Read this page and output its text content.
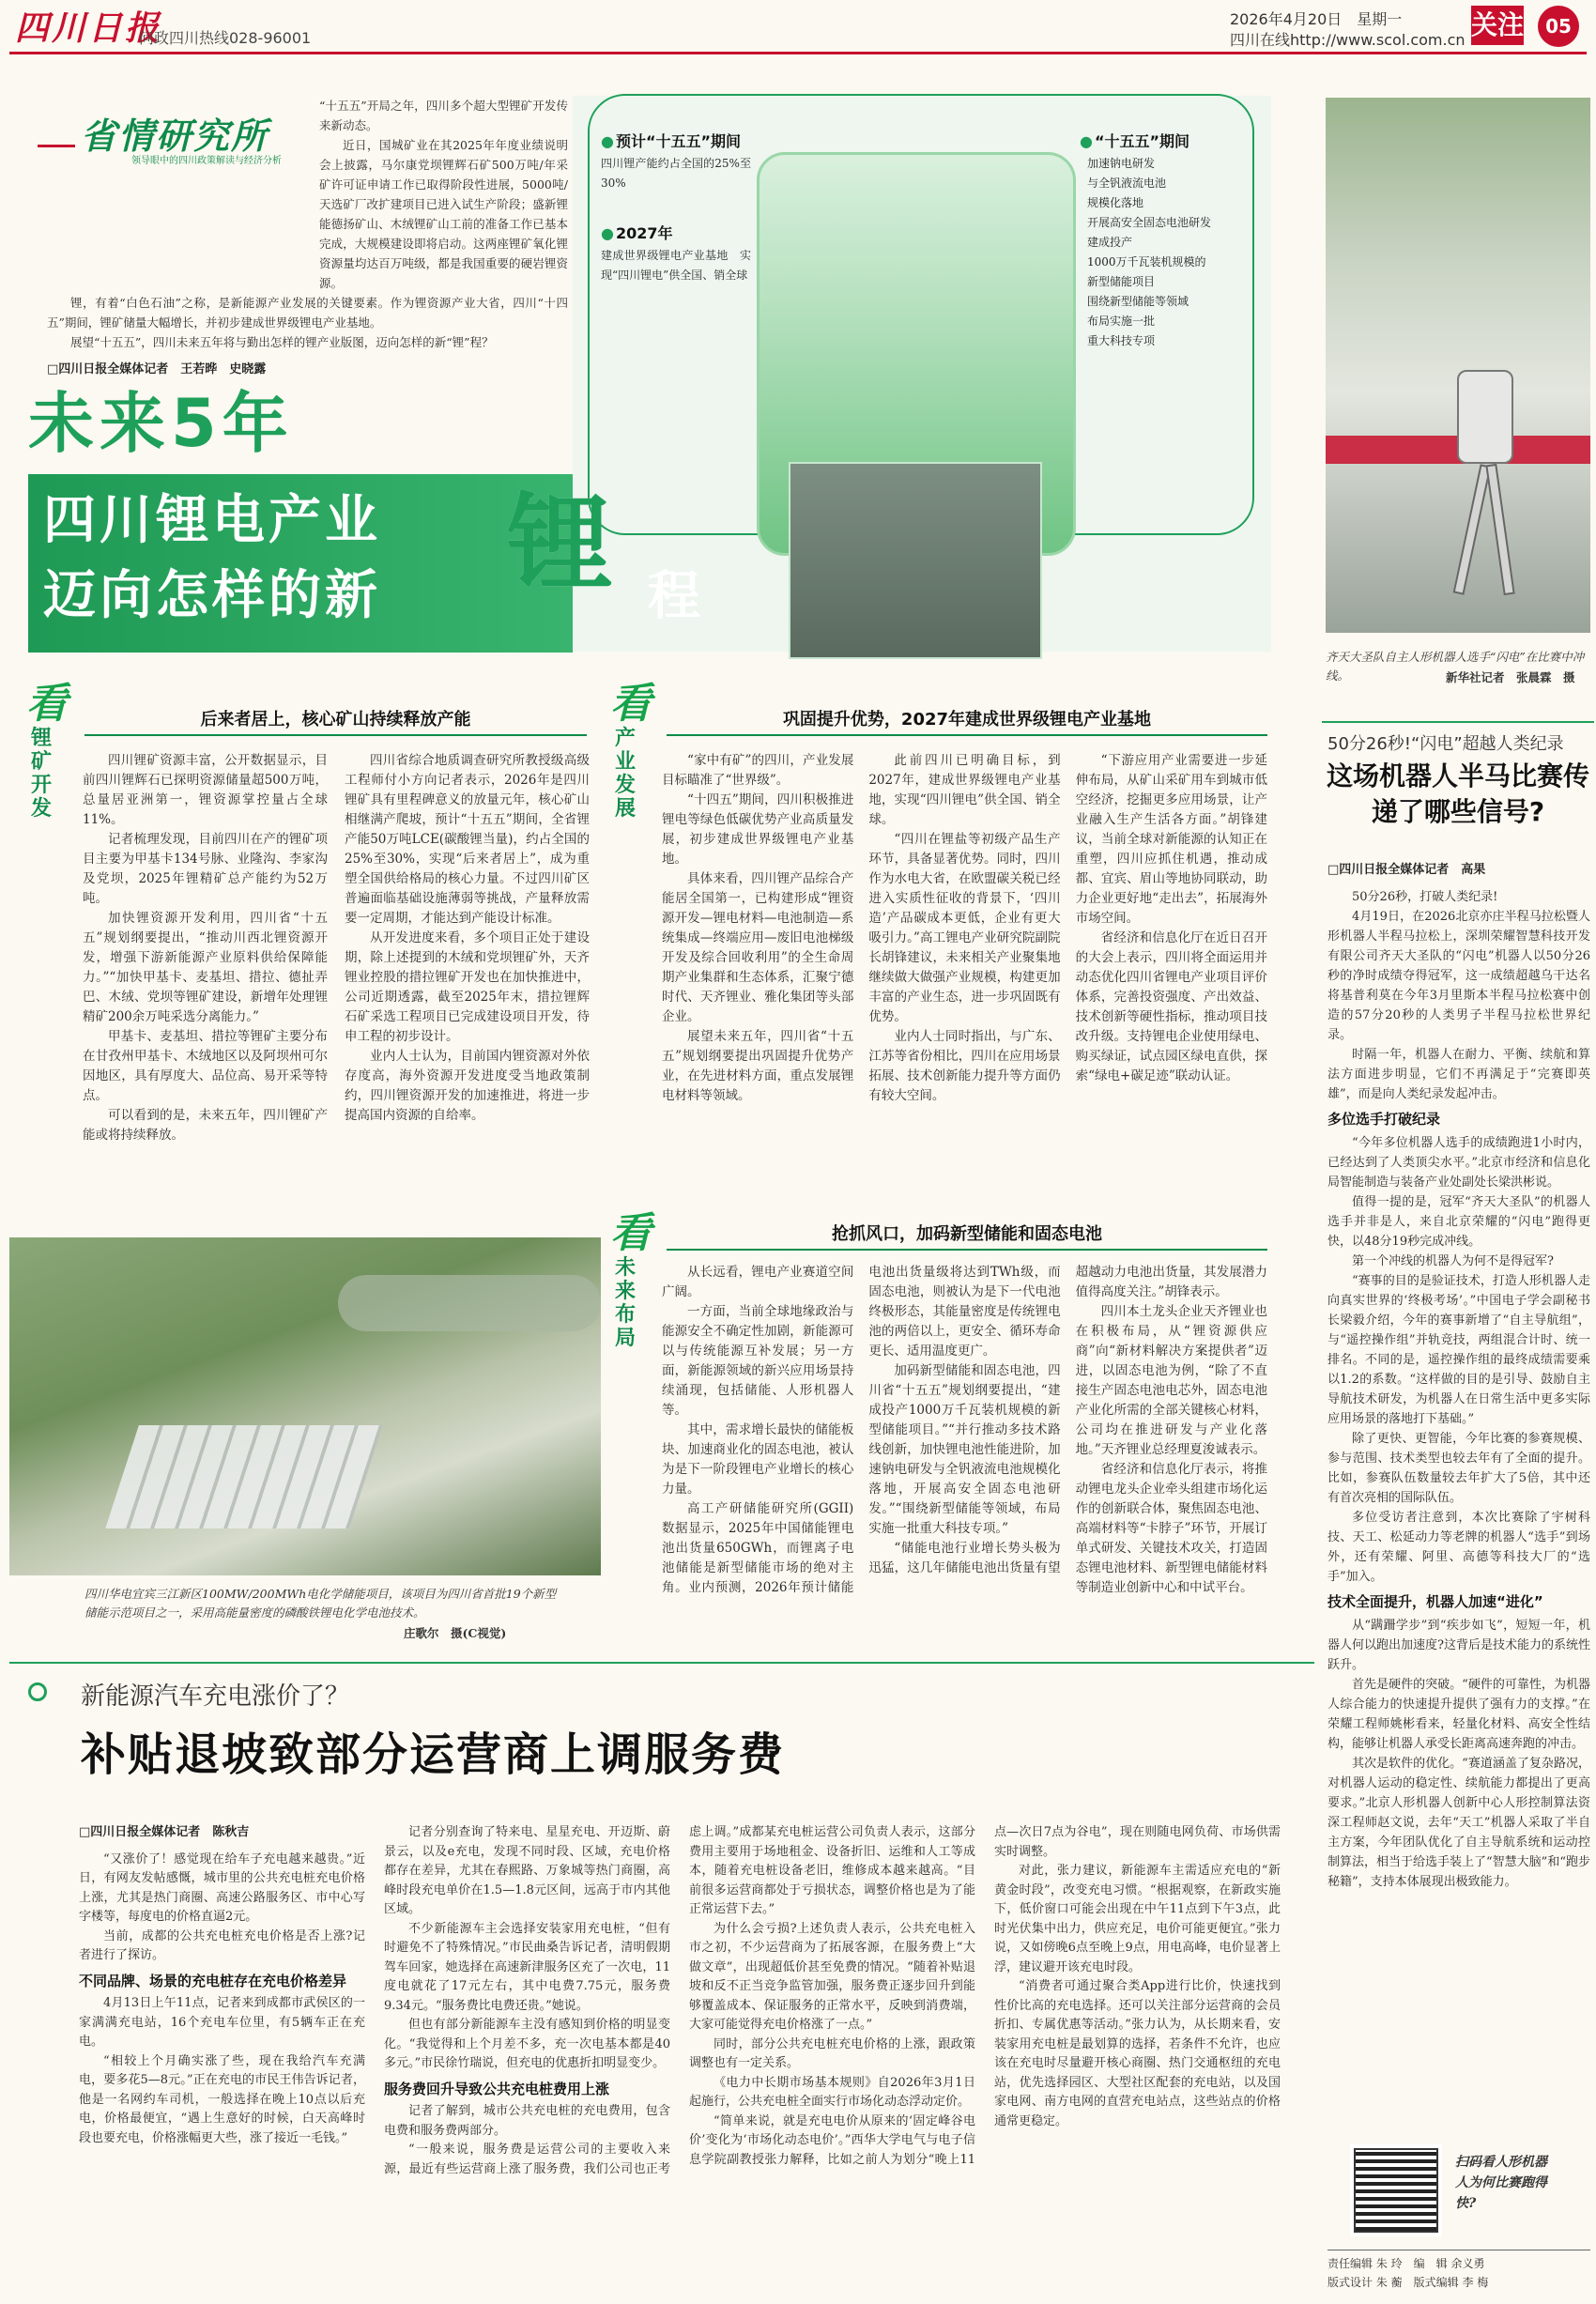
四川日报
问政四川热线028-96001
2026年4月20日　星期一
四川在线http://www.scol.com.cn 关注	05
省情研究所
领导眼中的四川政策解读与经济分析

“十五五”开局之年，四川多个超大型锂矿开发传来新动态。

近日，国城矿业在其2025年年度业绩说明会上披露，马尔康党坝锂辉石矿500万吨/年采矿许可证申请工作已取得阶段性进展，5000吨/天选矿厂改扩建项目已进入试生产阶段；盛新锂能德扬矿山、木绒锂矿山工前的准备工作已基本完成，大规模建设即将启动。这两座锂矿氧化锂资源量均达百万吨级，都是我国重要的硬岩锂资源。

锂，有着“白色石油”之称，是新能源产业发展的关键要素。作为锂资源产业大省，四川“十四五”期间，锂矿储量大幅增长，并初步建成世界级锂电产业基地。

展望“十五五”，四川未来五年将与勤出怎样的锂产业版图，迈向怎样的新“锂”程？

□四川日报全媒体记者　王若晔　史晓露
● 预计“十五五”期间
四川锂产能约占全国的25%至30%
● 2027年
建成世界级锂电产业基地　实现“四川锂电”供全国、销全球
● “十五五”期间
加速钠电研发
与全钒液流电池
规模化落地
开展高安全固态电池研发
建成投产
1000万千瓦装机规模的
新型储能项目
围绕新型储能等领域
布局实施一批
重大科技专项
未来5年
四川锂电产业
迈向怎样的新 锂 程
看
锂
矿
开
发
后来者居上，核心矿山持续释放产能

四川锂矿资源丰富，公开数据显示，目前四川锂辉石已探明资源储量超500万吨，总量居亚洲第一，锂资源掌控量占全球11%。

记者梳理发现，目前四川在产的锂矿项目主要为甲基卡134号脉、业隆沟、李家沟及党坝，2025年锂精矿总产能约为52万吨。

加快锂资源开发利用，四川省“十五五”规划纲要提出，“推动川西北锂资源开发，增强下游新能源产业原料供给保障能力。”“加快甲基卡、麦基坦、措拉、德扯弄巴、木绒、党坝等锂矿建设，新增年处理锂精矿200余万吨采选分离能力。”

甲基卡、麦基坦、措拉等锂矿主要分布在甘孜州甲基卡、木绒地区以及阿坝州可尔因地区，具有厚度大、品位高、易开采等特点。

可以看到的是，未来五年，四川锂矿产能或将持续释放。

四川省综合地质调查研究所教授级高级工程师付小方向记者表示，2026年是四川锂矿具有里程碑意义的放量元年，核心矿山相继满产爬坡，预计“十五五”期间，全省锂产能50万吨LCE(碳酸锂当量)，约占全国的25%至30%，实现“后来者居上”，成为重塑全国供给格局的核心力量。不过四川矿区普遍面临基础设施薄弱等挑战，产量释放需要一定周期，才能达到产能设计标准。

从开发进度来看，多个项目正处于建设期，除上述提到的木绒和党坝锂矿外，天齐锂业控股的措拉锂矿开发也在加快推进中，公司近期透露，截至2025年末，措拉锂辉石矿采选工程项目已完成建设项目开发，待申工程的初步设计。

业内人士认为，目前国内锂资源对外依存度高，海外资源开发进度受当地政策制约，四川锂资源开发的加速推进，将进一步提高国内资源的自给率。

四川华电宜宾三江新区100MW/200MWh电化学储能项目，该项目为四川省首批19个新型储能示范项目之一，采用高能量密度的磷酸铁锂电化学电池技术。
庄歌尔　摄(C视觉)
看
产
业
发
展
巩固提升优势，2027年建成世界级锂电产业基地

“家中有矿”的四川，产业发展目标瞄准了“世界级”。

“十四五”期间，四川积极推进锂电等绿色低碳优势产业高质量发展，初步建成世界级锂电产业基地。

具体来看，四川锂产品综合产能居全国第一，已构建形成“锂资源开发—锂电材料—电池制造—系统集成—终端应用—废旧电池梯级开发及综合回收利用”的全生命周期产业集群和生态体系，汇聚宁德时代、天齐锂业、雅化集团等头部企业。

展望未来五年，四川省“十五五”规划纲要提出巩固提升优势产业，在先进材料方面，重点发展锂电材料等领域。

此前四川已明确目标，到2027年，建成世界级锂电产业基地，实现“四川锂电”供全国、销全球。

“四川在锂盐等初级产品生产环节，具备显著优势。同时，四川作为水电大省，在欧盟碳关税已经进入实质性征收的背景下，‘四川造’产品碳成本更低，企业有更大吸引力。”高工锂电产业研究院副院长胡锋建议，未来相关产业聚集地继续做大做强产业规模，构建更加丰富的产业生态，进一步巩固既有优势。

业内人士同时指出，与广东、江苏等省份相比，四川在应用场景拓展、技术创新能力提升等方面仍有较大空间。

“下游应用产业需要进一步延伸布局，从矿山采矿用车到城市低空经济，挖掘更多应用场景，让产业融入生产生活各方面。”胡锋建议，当前全球对新能源的认知正在重塑，四川应抓住机遇，推动成都、宜宾、眉山等地协同联动，助力企业更好地“走出去”，拓展海外市场空间。

省经济和信息化厅在近日召开的大会上表示，四川将全面运用并动态优化四川省锂电产业项目评价体系，完善投资强度、产出效益、技术创新等硬性指标，推动项目技改升级。支持锂电企业使用绿电、购买绿证，试点园区绿电直供，探索“绿电+碳足迹”联动认证。

看
未
来
布
局
抢抓风口，加码新型储能和固态电池

从长远看，锂电产业赛道空间广阔。

一方面，当前全球地缘政治与能源安全不确定性加剧，新能源可以与传统能源互补发展；另一方面，新能源领域的新兴应用场景持续涌现，包括储能、人形机器人等。

其中，需求增长最快的储能板块、加速商业化的固态电池，被认为是下一阶段锂电产业增长的核心力量。

高工产研储能研究所(GGII)数据显示，2025年中国储能锂电池出货量650GWh，而锂离子电池储能是新型储能市场的绝对主角。业内预测，2026年预计储能电池出货量级将达到TWh级，而固态电池，则被认为是下一代电池终极形态，其能量密度是传统锂电池的两倍以上，更安全、循环寿命更长、适用温度更广。

加码新型储能和固态电池，四川省“十五五”规划纲要提出，“建成投产1000万千瓦装机规模的新型储能项目。”“并行推动多技术路线创新，加快锂电池性能进阶，加速钠电研发与全钒液流电池规模化落地，开展高安全固态电池研发。”“围绕新型储能等领域，布局实施一批重大科技专项。”

“储能电池行业增长势头极为迅猛，这几年储能电池出货量有望超越动力电池出货量，其发展潜力值得高度关注。”胡锋表示。

四川本土龙头企业天齐锂业也在积极布局，从“锂资源供应商”向“新材料解决方案提供者”迈进，以固态电池为例，“除了不直接生产固态电池电芯外，固态电池产业化所需的全部关键核心材料，公司均在推进研发与产业化落地。”天齐锂业总经理夏浚诚表示。

省经济和信息化厅表示，将推动锂电龙头企业牵头组建市场化运作的创新联合体，聚焦固态电池、高端材料等“卡脖子”环节，开展订单式研发、关键技术攻关，打造固态锂电池材料、新型锂电储能材料等制造业创新中心和中试平台。

新能源汽车充电涨价了？
补贴退坡致部分运营商上调服务费
□四川日报全媒体记者　陈秋吉

“又涨价了！感觉现在给车子充电越来越贵。”近日，有网友发帖感慨，城市里的公共充电桩充电价格上涨，尤其是热门商圈、高速公路服务区、市中心写字楼等，每度电的价格直逼2元。

当前，成都的公共充电桩充电价格是否上涨?记者进行了探访。

不同品牌、场景的充电桩存在充电价格差异

4月13日上午11点，记者来到成都市武侯区的一家满满充电站，16个充电车位里，有5辆车正在充电。

“相较上个月确实涨了些，现在我给汽车充满电，要多花5—8元。”正在充电的市民王伟告诉记者，他是一名网约车司机，一般选择在晚上10点以后充电，价格最便宜，“遇上生意好的时候，白天高峰时段也要充电，价格涨幅更大些，涨了接近一毛钱。”

记者分别查询了特来电、星星充电、开迈斯、蔚景云，以及e充电，发现不同时段、区域，充电价格都存在差异，尤其在春熙路、万象城等热门商圈，高峰时段充电单价在1.5—1.8元区间，远高于市内其他区域。

不少新能源车主会选择安装家用充电桩，“但有时避免不了特殊情况。”市民曲桑告诉记者，清明假期驾车回家，她选择在高速新津服务区充了一次电，11度电就花了17元左右，其中电费7.75元，服务费9.34元。“服务费比电费还贵。”她说。

但也有部分新能源车主没有感知到价格的明显变化。“我觉得和上个月差不多，充一次电基本都是40多元。”市民徐竹瑞说，但充电的优惠折扣明显变少。

服务费回升导致公共充电桩费用上涨

记者了解到，城市公共充电桩的充电费用，包含电费和服务费两部分。

“一般来说，服务费是运营公司的主要收入来源，最近有些运营商上涨了服务费，我们公司也正考虑上调。”成都某充电桩运营公司负责人表示，这部分费用主要用于场地租金、设备折旧、运维和人工等成本，随着充电桩设备老旧，维修成本越来越高。“目前很多运营商都处于亏损状态，调整价格也是为了能正常运营下去。”

为什么会亏损?上述负责人表示，公共充电桩入市之初，不少运营商为了拓展客源，在服务费上“大做文章”，出现超低价甚至免费的情况。“随着补贴退坡和反不正当竞争监管加强，服务费正逐步回升到能够覆盖成本、保证服务的正常水平，反映到消费端，大家可能觉得充电价格涨了一点。”

同时，部分公共充电桩充电价格的上涨，跟政策调整也有一定关系。

《电力中长期市场基本规则》自2026年3月1日起施行，公共充电桩全面实行市场化动态浮动定价。

“简单来说，就是充电电价从原来的‘固定峰谷电价’变化为‘市场化动态电价’。”西华大学电气与电子信息学院副教授张力解释，比如之前人为划分“晚上11点—次日7点为谷电”，现在则随电网负荷、市场供需实时调整。

对此，张力建议，新能源车主需适应充电的“新黄金时段”，改变充电习惯。“根据观察，在新政实施下，低价窗口可能会出现在中午11点到下午3点，此时光伏集中出力，供应充足，电价可能更便宜。”张力说，又如傍晚6点至晚上9点，用电高峰，电价显著上浮，建议避开该充电时段。

“消费者可通过聚合类App进行比价，快速找到性价比高的充电选择。还可以关注部分运营商的会员折扣、专属优惠等活动。”张力认为，从长期来看，安装家用充电桩是最划算的选择，若条件不允许，也应该在充电时尽量避开核心商圈、热门交通枢纽的充电站，优先选择园区、大型社区配套的充电站，以及国家电网、南方电网的直营充电站点，这些站点的价格通常更稳定。

齐天大圣队自主人形机器人选手“闪电”在比赛中冲线。	新华社记者　张晨霖　摄
50分26秒!“闪电”超越人类纪录
这场机器人半马比赛传递了哪些信号?
□四川日报全媒体记者　高果

50分26秒，打破人类纪录!

4月19日，在2026北京亦庄半程马拉松暨人形机器人半程马拉松上，深圳荣耀智慧科技开发有限公司齐天大圣队的“闪电”机器人以50分26秒的净时成绩夺得冠军，这一成绩超越乌干达名将基普利莫在今年3月里斯本半程马拉松赛中创造的57分20秒的人类男子半程马拉松世界纪录。

时隔一年，机器人在耐力、平衡、续航和算法方面进步明显，它们不再满足于“完赛即英雄”，而是向人类纪录发起冲击。

多位选手打破纪录

“今年多位机器人选手的成绩跑进1小时内，已经达到了人类顶尖水平。”北京市经济和信息化局智能制造与装备产业处副处长梁洪彬说。

值得一提的是，冠军“齐天大圣队”的机器人选手并非是人，来自北京荣耀的“闪电”跑得更快，以48分19秒完成冲线。

第一个冲线的机器人为何不是得冠军?

“赛事的目的是验证技术，打造人形机器人走向真实世界的‘终极考场’。”中国电子学会副秘书长梁毅介绍，今年的赛事新增了“自主导航组”，与“遥控操作组”并轨竞技，两组混合计时、统一排名。不同的是，遥控操作组的最终成绩需要乘以1.2的系数。“这样做的目的是引导、鼓励自主导航技术研发，为机器人在日常生活中更多实际应用场景的落地打下基础。”

除了更快、更智能，今年比赛的参赛规模、参与范围、技术类型也较去年有了全面的提升。比如，参赛队伍数量较去年扩大了5倍，其中还有首次亮相的国际队伍。

多位受访者注意到，本次比赛除了宇树科技、天工、松延动力等老牌的机器人“选手”到场外，还有荣耀、阿里、高德等科技大厂的“选手”加入。

技术全面提升，机器人加速“进化”

从“蹒跚学步”到“疾步如飞”，短短一年，机器人何以跑出加速度?这背后是技术能力的系统性跃升。

首先是硬件的突破。“硬件的可靠性，为机器人综合能力的快速提升提供了强有力的支撑。”在荣耀工程师姚彬看来，轻量化材料、高安全性结构，能够让机器人承受长距离高速奔跑的冲击。

其次是软件的优化。“赛道涵盖了复杂路况，对机器人运动的稳定性、续航能力都提出了更高要求。”北京人形机器人创新中心人形控制算法资深工程师赵文说，去年“天工”机器人采取了半自主方案，今年团队优化了自主导航系统和运动控制算法，相当于给选手装上了“智慧大脑”和“跑步秘籍”，支持本体展现出极致能力。

扫码看人形机器人为何比赛跑得快?
责任编辑 朱 玲　编　辑 余义勇
版式设计 朱 蘅　版式编辑 李 梅
